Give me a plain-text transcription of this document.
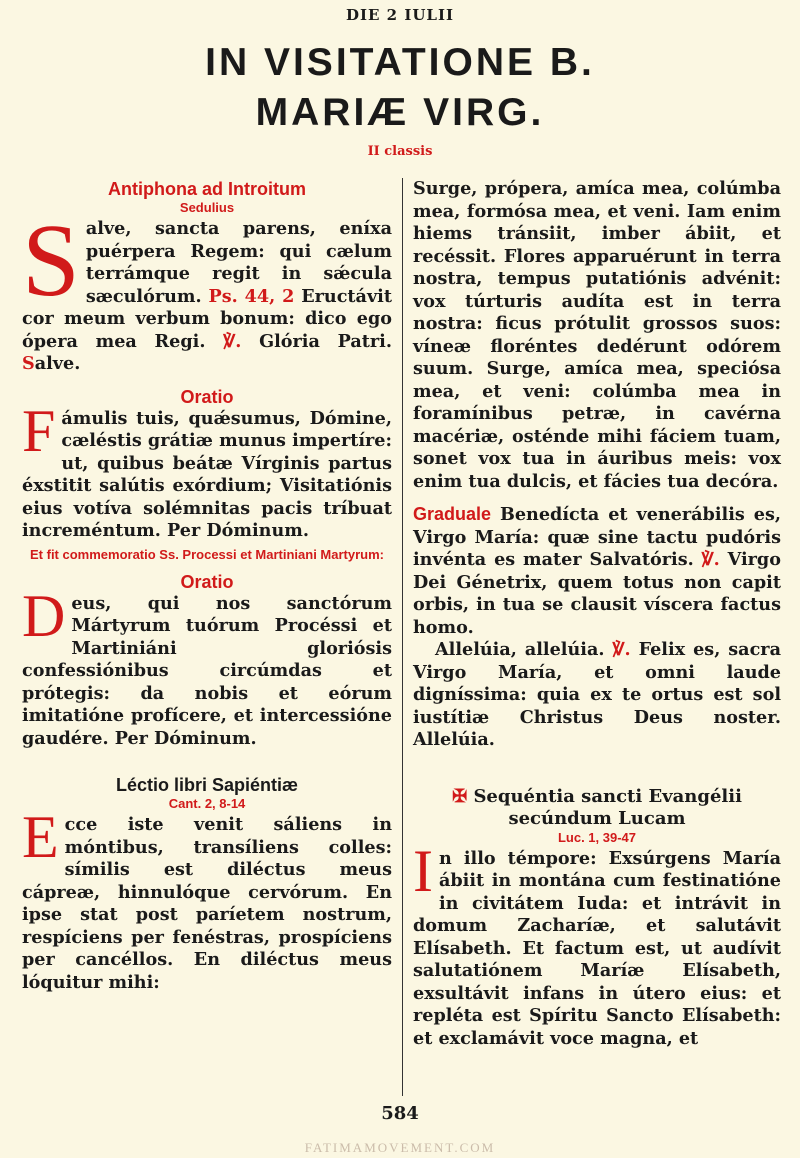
DIE 2 IULII
IN VISITATIONE B.
MARIÆ VIRG.
II classis
Antiphona ad Introitum
Sedulius

Salve, sancta parens, eníxa puérpera Regem: qui cælum terrámque regit in sǽcula sæculórum. Ps. 44, 2 Eructávit cor meum verbum bonum: dico ego ópera mea Regi. ℣. Glória Patri. Salve.

Oratio

Fámulis tuis, quǽsumus, Dómine, cæléstis grátiæ munus impertíre: ut, quibus beátæ Vírginis partus éxstitit salútis exórdium; Visitatiónis eius votíva solémnitas pacis tríbuat increméntum. Per Dóminum.

Et fit commemoratio Ss. Processi et Martiniani Martyrum:
Oratio

Deus, qui nos sanctórum Mártyrum tuórum Procéssi et Martiniáni gloriósis confessiónibus circúmdas et prótegis: da nobis et eórum imitatióne profícere, et intercessióne gaudére. Per Dóminum.

Léctio libri Sapiéntiæ
Cant. 2, 8-14

Ecce iste venit sáliens in móntibus, transíliens colles: símilis est diléctus meus cápreæ, hinnulóque cervórum. En ipse stat post paríetem nostrum, respíciens per fenéstras, prospíciens per cancéllos. En diléctus meus lóquitur mihi:

Surge, própera, amíca mea, colúmba mea, formósa mea, et veni. Iam enim hiems tránsiit, imber ábiit, et recéssit. Flores apparuérunt in terra nostra, tempus putatiónis advénit: vox túrturis audíta est in terra nostra: ficus prótulit grossos suos: víneæ floréntes dedérunt odórem suum. Surge, amíca mea, speciósa mea, et veni: colúmba mea in foramínibus petræ, in cavérna macériæ, osténde mihi fáciem tuam, sonet vox tua in áuribus meis: vox enim tua dulcis, et fácies tua decóra.

Graduale Benedícta et venerábilis es, Virgo María: quæ sine tactu pudóris invénta es mater Salvatóris. ℣. Virgo Dei Génetrix, quem totus non capit orbis, in tua se clausit víscera factus homo.

Allelúia, allelúia. ℣. Felix es, sacra Virgo María, et omni laude digníssima: quia ex te ortus est sol iustítiæ Christus Deus noster. Allelúia.

✠ Sequéntia sancti Evangélii secúndum Lucam
Luc. 1, 39-47

In illo témpore: Exsúrgens María ábiit in montána cum festinatióne in civitátem Iuda: et intrávit in domum Zacharíæ, et salutávit Elísabeth. Et factum est, ut audívit salutatiónem Maríæ Elísabeth, exsultávit infans in útero eius: et repléta est Spíritu Sancto Elísabeth: et exclamávit voce magna, et

584
FATIMAMOVEMENT.COM
